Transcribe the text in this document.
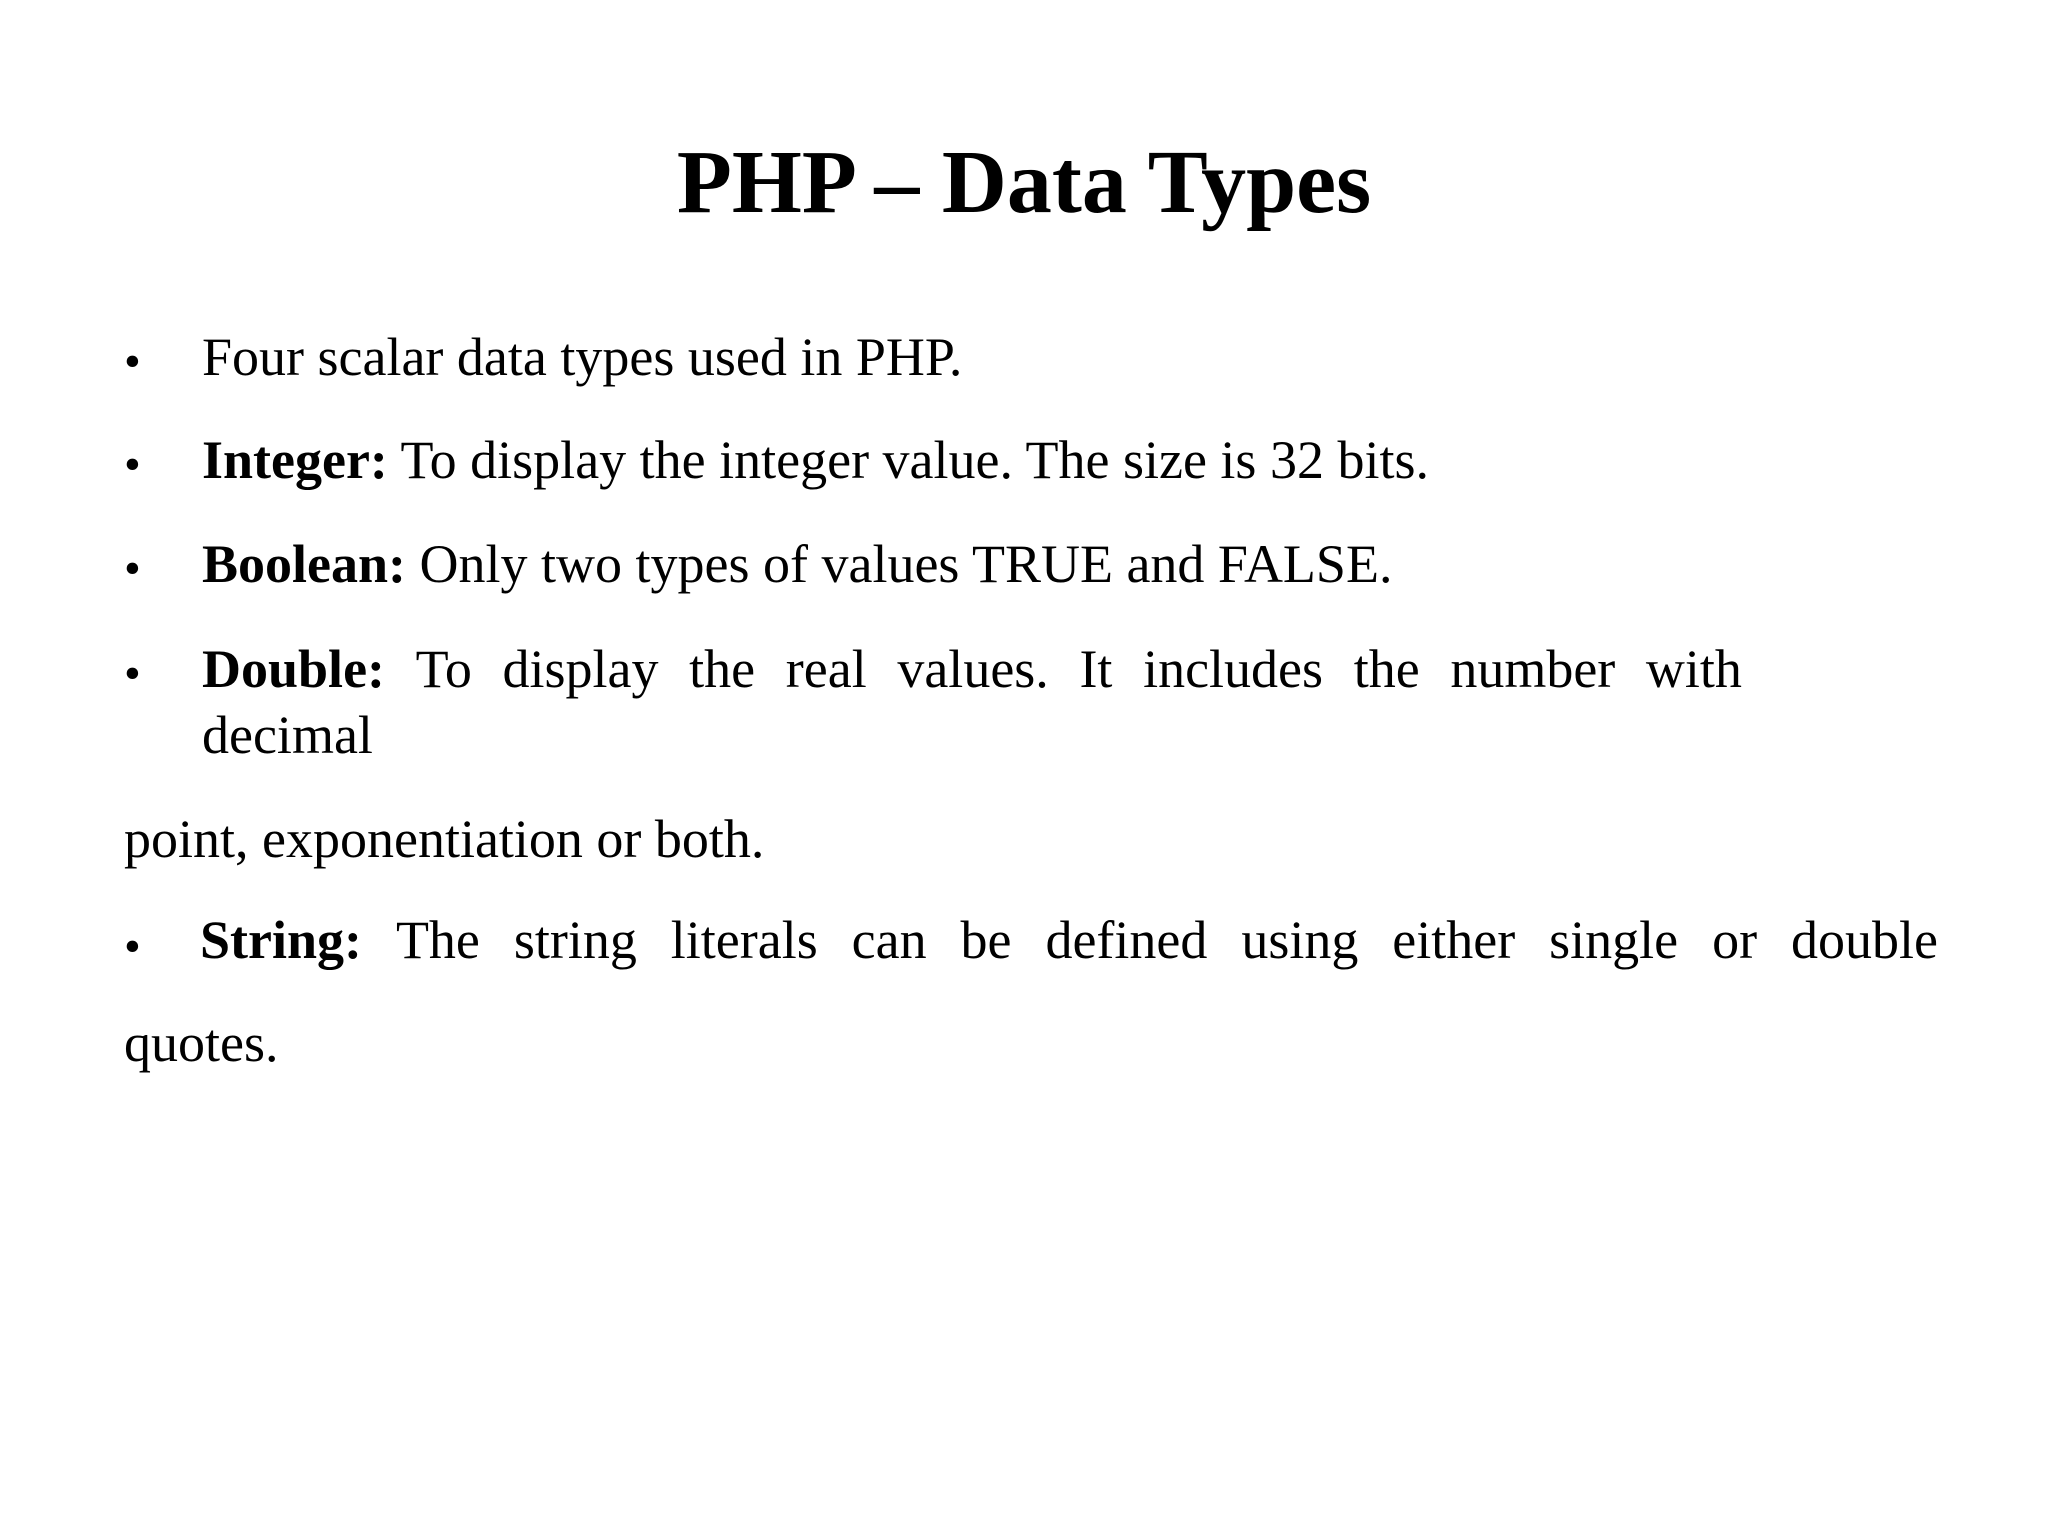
PHP – Data Types
• Four scalar data types used in PHP.
• Integer: To display the integer value. The size is 32 bits.
• Boolean: Only two types of values TRUE and FALSE.
• Double: To display the real values. It includes the number with
decimal
point, exponentiation or both.
• String: The string literals can be defined using either single or double
quotes.
